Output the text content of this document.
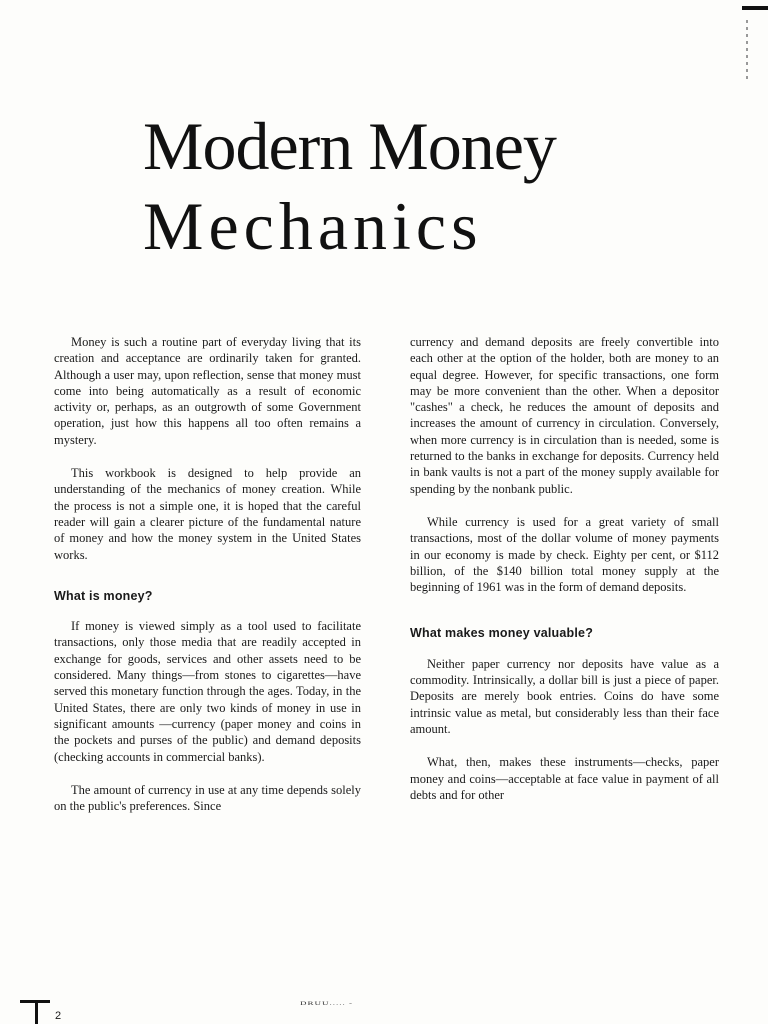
Modern Money
Mechanics

Money is such a routine part of everyday living that its creation and acceptance are ordinarily taken for granted. Although a user may, upon reflection, sense that money must come into being automatically as a result of economic activity or, perhaps, as an outgrowth of some Government operation, just how this happens all too often remains a mystery.

This workbook is designed to help provide an understanding of the mechanics of money creation. While the process is not a simple one, it is hoped that the careful reader will gain a clearer picture of the fundamental nature of money and how the money system in the United States works.

What is money?

If money is viewed simply as a tool used to facilitate transactions, only those media that are readily accepted in exchange for goods, services and other assets need to be considered. Many things—from stones to cigarettes—have served this monetary function through the ages. Today, in the United States, there are only two kinds of money in use in significant amounts —currency (paper money and coins in the pockets and purses of the public) and demand deposits (checking accounts in commercial banks).

The amount of currency in use at any time depends solely on the public's preferences. Since

currency and demand deposits are freely convertible into each other at the option of the holder, both are money to an equal degree. However, for specific transactions, one form may be more convenient than the other. When a depositor "cashes" a check, he reduces the amount of deposits and increases the amount of currency in circulation. Conversely, when more currency is in circulation than is needed, some is returned to the banks in exchange for deposits. Currency held in bank vaults is not a part of the money supply available for spending by the nonbank public.

While currency is used for a great variety of small transactions, most of the dollar volume of money payments in our economy is made by check. Eighty per cent, or $112 billion, of the $140 billion total money supply at the beginning of 1961 was in the form of demand deposits.

What makes money valuable?

Neither paper currency nor deposits have value as a commodity. Intrinsically, a dollar bill is just a piece of paper. Deposits are merely book entries. Coins do have some intrinsic value as metal, but considerably less than their face amount.

What, then, makes these instruments—checks, paper money and coins—acceptable at face value in payment of all debts and for other

DRUU..... -
2
